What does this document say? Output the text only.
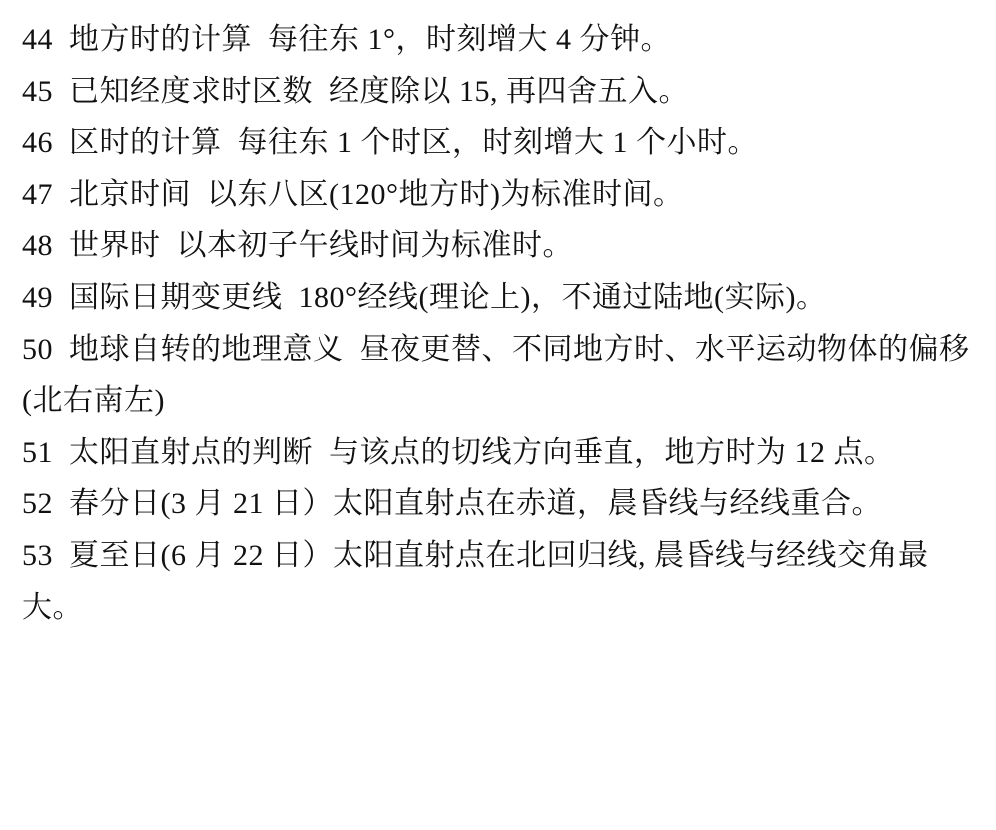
44  地方时的计算  每往东 1°，时刻增大 4 分钟。
45  已知经度求时区数  经度除以 15, 再四舍五入。
46  区时的计算  每往东 1 个时区，时刻增大 1 个小时。
47  北京时间  以东八区(120°地方时)为标准时间。
48  世界时  以本初子午线时间为标准时。
49  国际日期变更线  180°经线(理论上)，不通过陆地(实际)。
50  地球自转的地理意义  昼夜更替、不同地方时、水平运动物体的偏移(北右南左)
51  太阳直射点的判断  与该点的切线方向垂直，地方时为 12 点。
52  春分日(3 月 21 日）太阳直射点在赤道，晨昏线与经线重合。
53  夏至日(6 月 22 日）太阳直射点在北回归线, 晨昏线与经线交角最大。
